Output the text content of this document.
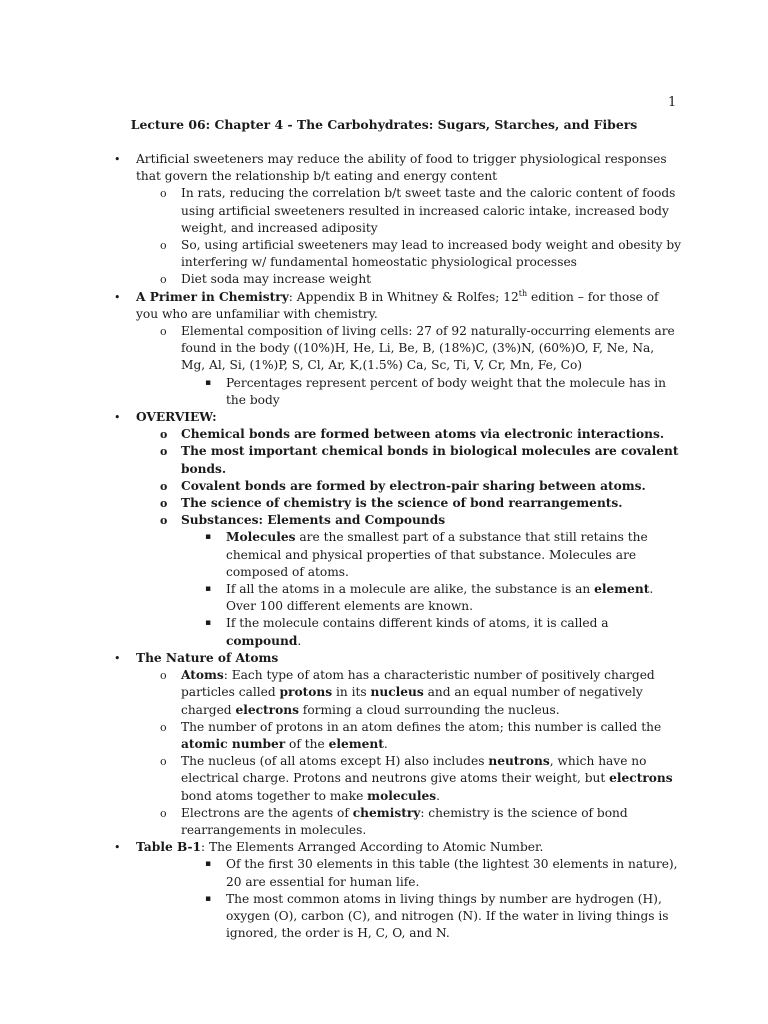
1
Lecture 06: Chapter 4 - The Carbohydrates: Sugars, Starches, and Fibers
• Artificial sweeteners may reduce the ability of food to trigger physiological responses that govern the relationship b/t eating and energy content
o In rats, reducing the correlation b/t sweet taste and the caloric content of foods using artificial sweeteners resulted in increased caloric intake, increased body weight, and increased adiposity
o So, using artificial sweeteners may lead to increased body weight and obesity by interfering w/ fundamental homeostatic physiological processes
o Diet soda may increase weight
• A Primer in Chemistry: Appendix B in Whitney & Rolfes; 12th edition – for those of you who are unfamiliar with chemistry.
o Elemental composition of living cells: 27 of 92 naturally-occurring elements are found in the body ((10%)H, He, Li, Be, B, (18%)C, (3%)N, (60%)O, F, Ne, Na, Mg, Al, Si, (1%)P, S, Cl, Ar, K,(1.5%) Ca, Sc, Ti, V, Cr, Mn, Fe, Co)
▪ Percentages represent percent of body weight that the molecule has in the body
• OVERVIEW:
o Chemical bonds are formed between atoms via electronic interactions.
o The most important chemical bonds in biological molecules are covalent bonds.
o Covalent bonds are formed by electron-pair sharing between atoms.
o The science of chemistry is the science of bond rearrangements.
o Substances: Elements and Compounds
▪ Molecules are the smallest part of a substance that still retains the chemical and physical properties of that substance. Molecules are composed of atoms.
▪ If all the atoms in a molecule are alike, the substance is an element. Over 100 different elements are known.
▪ If the molecule contains different kinds of atoms, it is called a compound.
• The Nature of Atoms
o Atoms: Each type of atom has a characteristic number of positively charged particles called protons in its nucleus and an equal number of negatively charged electrons forming a cloud surrounding the nucleus.
o The number of protons in an atom defines the atom; this number is called the atomic number of the element.
o The nucleus (of all atoms except H) also includes neutrons, which have no electrical charge. Protons and neutrons give atoms their weight, but electrons bond atoms together to make molecules.
o Electrons are the agents of chemistry: chemistry is the science of bond rearrangements in molecules.
• Table B-1: The Elements Arranged According to Atomic Number.
▪ Of the first 30 elements in this table (the lightest 30 elements in nature), 20 are essential for human life.
▪ The most common atoms in living things by number are hydrogen (H), oxygen (O), carbon (C), and nitrogen (N). If the water in living things is ignored, the order is H, C, O, and N.
